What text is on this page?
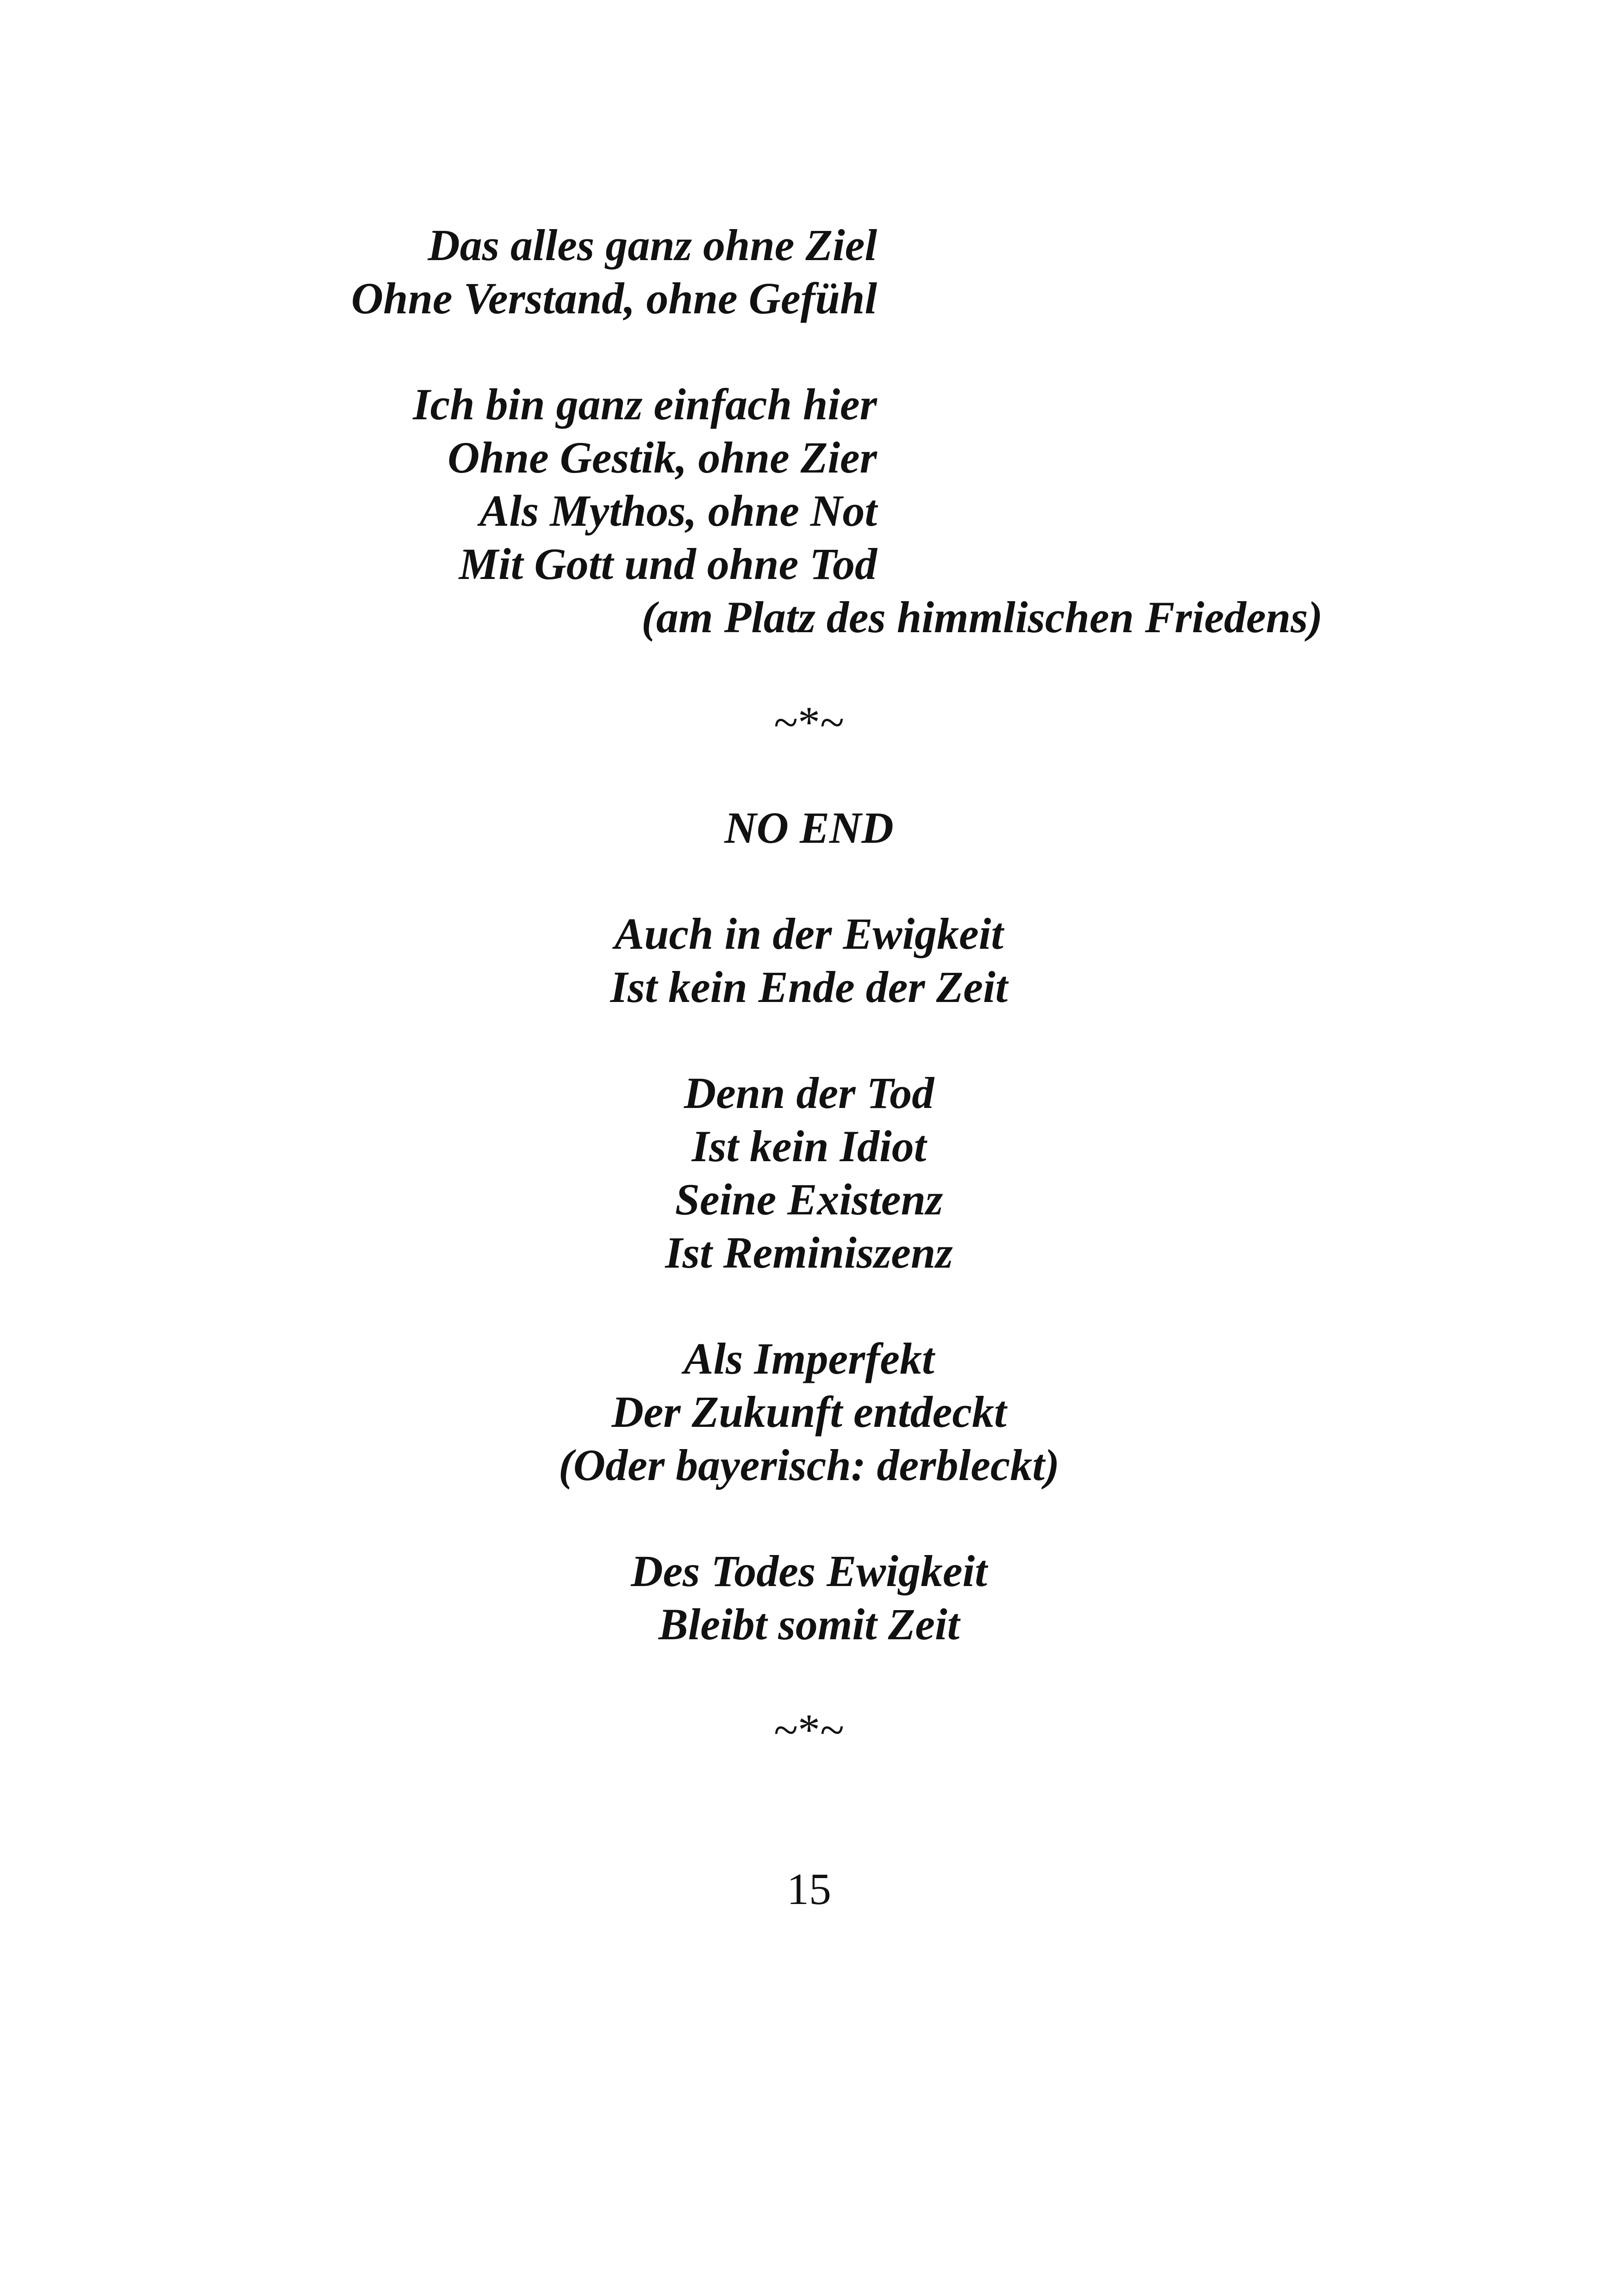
Das alles ganz ohne Ziel
Ohne Verstand, ohne Gefühl
Ich bin ganz einfach hier
Ohne Gestik, ohne Zier
Als Mythos, ohne Not
Mit Gott und ohne Tod
(am Platz des himmlischen Friedens)
~*~
NO END
Auch in der Ewigkeit
Ist kein Ende der Zeit
Denn der Tod
Ist kein Idiot
Seine Existenz
Ist Reminiszenz
Als Imperfekt
Der Zukunft entdeckt
(Oder bayerisch: derbleckt)
Des Todes Ewigkeit
Bleibt somit Zeit
~*~
15
